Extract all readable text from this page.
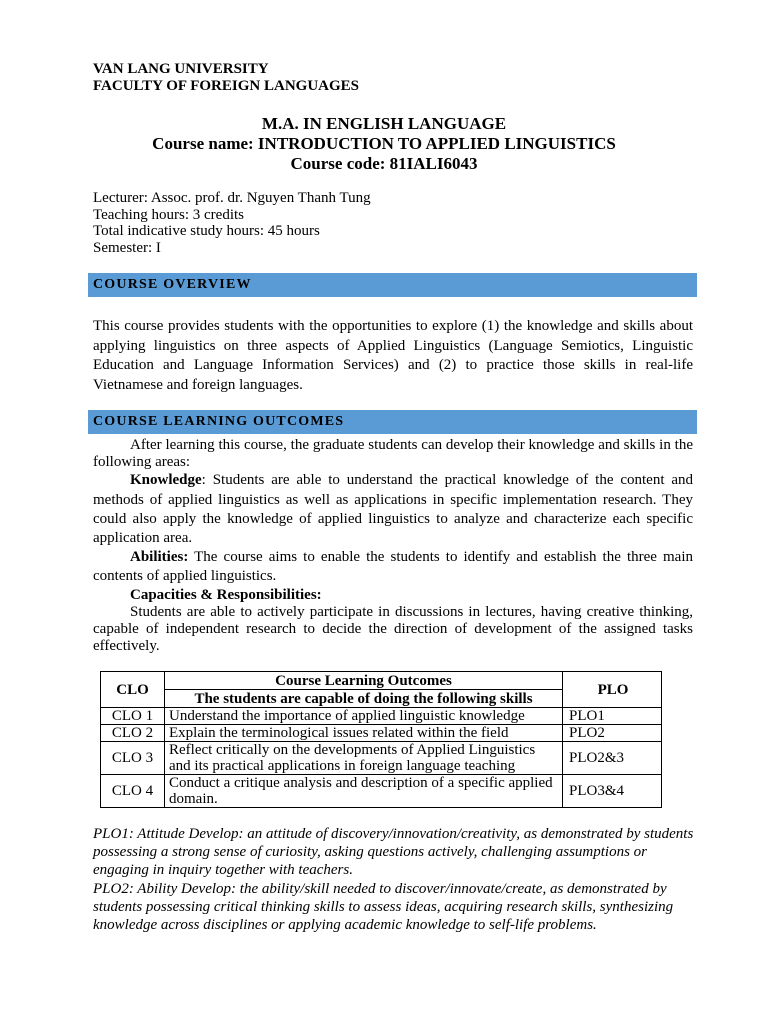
VAN LANG UNIVERSITY
FACULTY OF FOREIGN LANGUAGES
M.A. IN ENGLISH LANGUAGE
Course name: INTRODUCTION TO APPLIED LINGUISTICS
Course code: 81IALI6043
Lecturer: Assoc. prof. dr. Nguyen Thanh Tung
Teaching hours: 3 credits
Total indicative study hours: 45 hours
Semester: I
COURSE OVERVIEW
This course provides students with the opportunities to explore (1) the knowledge and skills about applying linguistics on three aspects of Applied Linguistics (Language Semiotics, Linguistic Education and Language Information Services) and (2) to practice those skills in real-life Vietnamese and foreign languages.
COURSE LEARNING OUTCOMES
After learning this course, the graduate students can develop their knowledge and skills in the following areas:
Knowledge: Students are able to understand the practical knowledge of the content and methods of applied linguistics as well as applications in specific implementation research. They could also apply the knowledge of applied linguistics to analyze and characterize each specific application area.
Abilities: The course aims to enable the students to identify and establish the three main contents of applied linguistics.
Capacities & Responsibilities:
Students are able to actively participate in discussions in lectures, having creative thinking, capable of independent research to decide the direction of development of the assigned tasks effectively.
CLO	Course Learning Outcomes	PLO
	The students are capable of doing the following skills	
CLO 1	Understand the importance of applied linguistic knowledge	PLO1
CLO 2	Explain the terminological issues related within the field	PLO2
CLO 3	Reflect critically on the developments of Applied Linguistics and its practical applications in foreign language teaching	PLO2&3
CLO 4	Conduct a critique analysis and description of a specific applied domain.	PLO3&4
PLO1: Attitude Develop: an attitude of discovery/innovation/creativity, as demonstrated by students possessing a strong sense of curiosity, asking questions actively, challenging assumptions or engaging in inquiry together with teachers.
PLO2: Ability Develop: the ability/skill needed to discover/innovate/create, as demonstrated by students possessing critical thinking skills to assess ideas, acquiring research skills, synthesizing knowledge across disciplines or applying academic knowledge to self-life problems.
